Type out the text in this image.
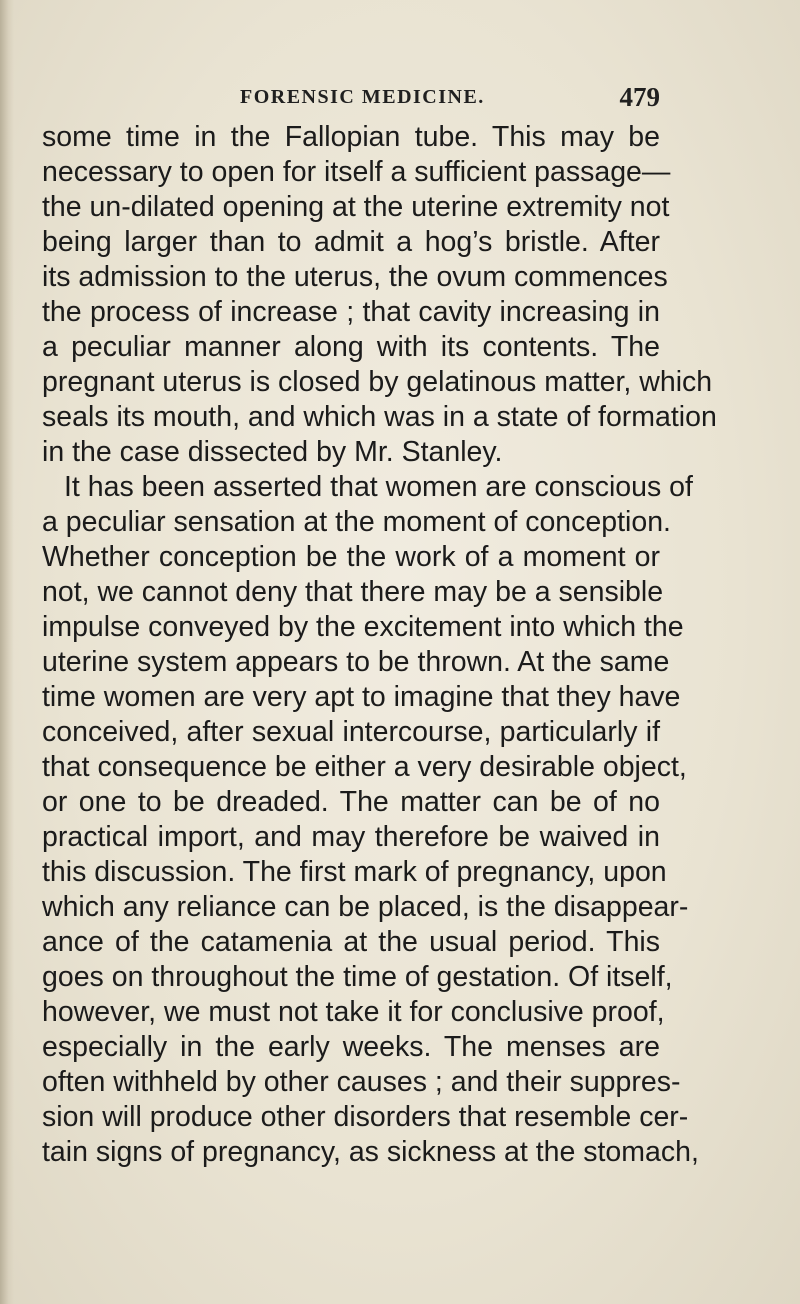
FORENSIC MEDICINE.	479
some time in the Fallopian tube. This may be
necessary to open for itself a sufficient passage—
the un-dilated opening at the uterine extremity not
being larger than to admit a hog’s bristle. After
its admission to the uterus, the ovum commences
the process of increase ; that cavity increasing in
a peculiar manner along with its contents. The
pregnant uterus is closed by gelatinous matter, which
seals its mouth, and which was in a state of formation
in the case dissected by Mr. Stanley.
It has been asserted that women are conscious of
a peculiar sensation at the moment of conception.
Whether conception be the work of a moment or
not, we cannot deny that there may be a sensible
impulse conveyed by the excitement into which the
uterine system appears to be thrown. At the same
time women are very apt to imagine that they have
conceived, after sexual intercourse, particularly if
that consequence be either a very desirable object,
or one to be dreaded. The matter can be of no
practical import, and may therefore be waived in
this discussion. The first mark of pregnancy, upon
which any reliance can be placed, is the disappear-
ance of the catamenia at the usual period. This
goes on throughout the time of gestation. Of itself,
however, we must not take it for conclusive proof,
especially in the early weeks. The menses are
often withheld by other causes ; and their suppres-
sion will produce other disorders that resemble cer-
tain signs of pregnancy, as sickness at the stomach,
